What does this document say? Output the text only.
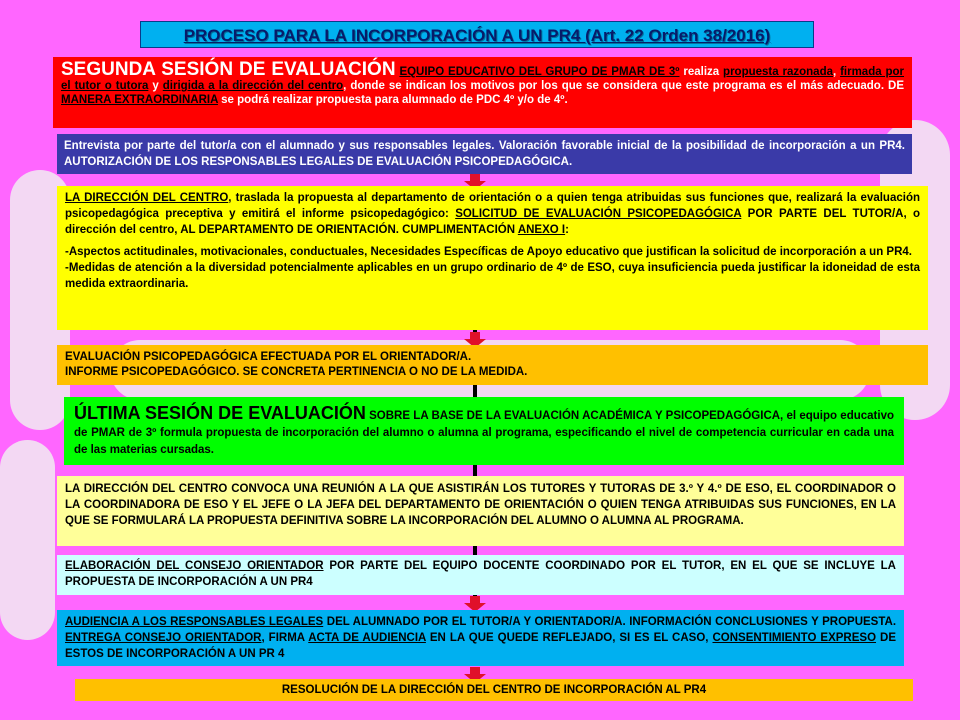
PROCESO PARA LA INCORPORACIÓN A UN PR4 (Art. 22 Orden 38/2016)
SEGUNDA SESIÓN DE EVALUACIÓN EQUIPO EDUCATIVO DEL GRUPO DE PMAR DE 3º realiza propuesta razonada, firmada por el tutor o tutora y dirigida a la dirección del centro, donde se indican los motivos por los que se considera que este programa es el más adecuado. DE MANERA EXTRAORDINARIA se podrá realizar propuesta para alumnado de PDC 4º y/o de 4º.
Entrevista por parte del tutor/a con el alumnado y sus responsables legales. Valoración favorable inicial de la posibilidad de incorporación a un PR4. AUTORIZACIÓN DE LOS RESPONSABLES LEGALES DE EVALUACIÓN PSICOPEDAGÓGICA.

LA DIRECCIÓN DEL CENTRO, traslada la propuesta al departamento de orientación o a quien tenga atribuidas sus funciones que, realizará la evaluación psicopedagógica preceptiva y emitirá el informe psicopedagógico: SOLICITUD DE EVALUACIÓN PSICOPEDAGÓGICA POR PARTE DEL TUTOR/A, o dirección del centro, AL DEPARTAMENTO DE ORIENTACIÓN. CUMPLIMENTACIÓN ANEXO I:

-Aspectos actitudinales, motivacionales, conductuales, Necesidades Específicas de Apoyo educativo que justifican la solicitud de incorporación a un PR4.

-Medidas de atención a la diversidad potencialmente aplicables en un grupo ordinario de 4º de ESO, cuya insuficiencia pueda justificar la idoneidad de esta medida extraordinaria.

EVALUACIÓN PSICOPEDAGÓGICA EFECTUADA POR EL ORIENTADOR/A.
INFORME PSICOPEDAGÓGICO. SE CONCRETA PERTINENCIA O NO DE LA MEDIDA.
ÚLTIMA SESIÓN DE EVALUACIÓN SOBRE LA BASE DE LA EVALUACIÓN ACADÉMICA Y PSICOPEDAGÓGICA, el equipo educativo de PMAR de 3º formula propuesta de incorporación del alumno o alumna al programa, especificando el nivel de competencia curricular en cada una de las materias cursadas.
LA DIRECCIÓN DEL CENTRO CONVOCA UNA REUNIÓN A LA QUE ASISTIRÁN LOS TUTORES Y TUTORAS DE 3.º Y 4.º DE ESO, EL COORDINADOR O LA COORDINADORA DE ESO Y EL JEFE O LA JEFA DEL DEPARTAMENTO DE ORIENTACIÓN O QUIEN TENGA ATRIBUIDAS SUS FUNCIONES, EN LA QUE SE FORMULARÁ LA PROPUESTA DEFINITIVA SOBRE LA INCORPORACIÓN DEL ALUMNO O ALUMNA AL PROGRAMA.
ELABORACIÓN DEL CONSEJO ORIENTADOR POR PARTE DEL EQUIPO DOCENTE COORDINADO POR EL TUTOR, EN EL QUE SE INCLUYE LA PROPUESTA DE INCORPORACIÓN A UN PR4
AUDIENCIA A LOS RESPONSABLES LEGALES DEL ALUMNADO POR EL TUTOR/A Y ORIENTADOR/A. INFORMACIÓN CONCLUSIONES Y PROPUESTA. ENTREGA CONSEJO ORIENTADOR, FIRMA ACTA DE AUDIENCIA EN LA QUE QUEDE REFLEJADO, SI ES EL CASO, CONSENTIMIENTO EXPRESO DE ESTOS DE INCORPORACIÓN A UN PR 4
RESOLUCIÓN DE LA DIRECCIÓN DEL CENTRO DE INCORPORACIÓN AL PR4
